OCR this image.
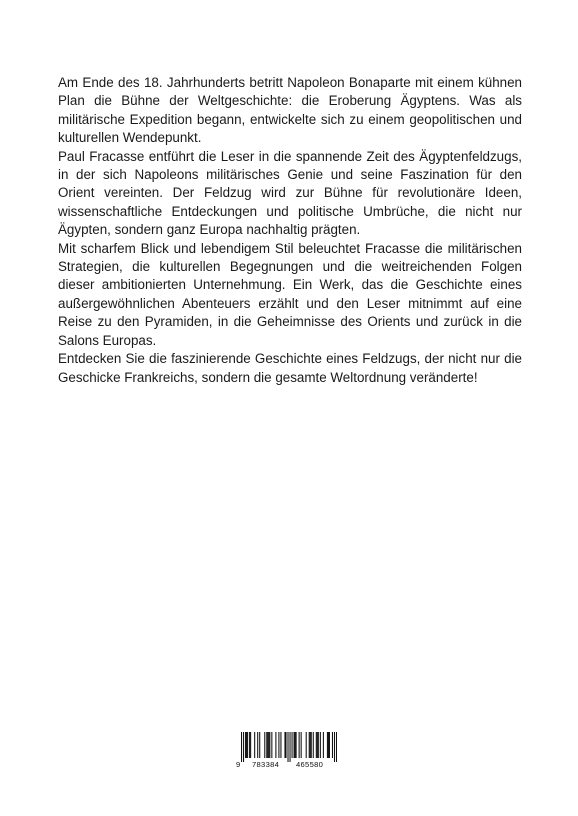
Am Ende des 18. Jahrhunderts betritt Napoleon Bonaparte mit einem kühnen Plan die Bühne der Weltgeschichte: die Eroberung Ägyptens. Was als militärische Expedition begann, entwickelte sich zu einem geopolitischen und kulturellen Wendepunkt.

Paul Fracasse entführt die Leser in die spannende Zeit des Ägyptenfeldzugs, in der sich Napoleons militärisches Genie und seine Faszination für den Orient vereinten. Der Feldzug wird zur Bühne für revolutionäre Ideen, wissenschaftliche Entdeckungen und politische Umbrüche, die nicht nur Ägypten, sondern ganz Europa nachhaltig prägten.

Mit scharfem Blick und lebendigem Stil beleuchtet Fracasse die militärischen Strategien, die kulturellen Begegnungen und die weitreichenden Folgen dieser ambitionierten Unternehmung. Ein Werk, das die Geschichte eines außergewöhnlichen Abenteuers erzählt und den Leser mitnimmt auf eine Reise zu den Pyramiden, in die Geheimnisse des Orients und zurück in die Salons Europas.

Entdecken Sie die faszinierende Geschichte eines Feldzugs, der nicht nur die Geschicke Frankreichs, sondern die gesamte Weltordnung veränderte!

9 783384 465580
